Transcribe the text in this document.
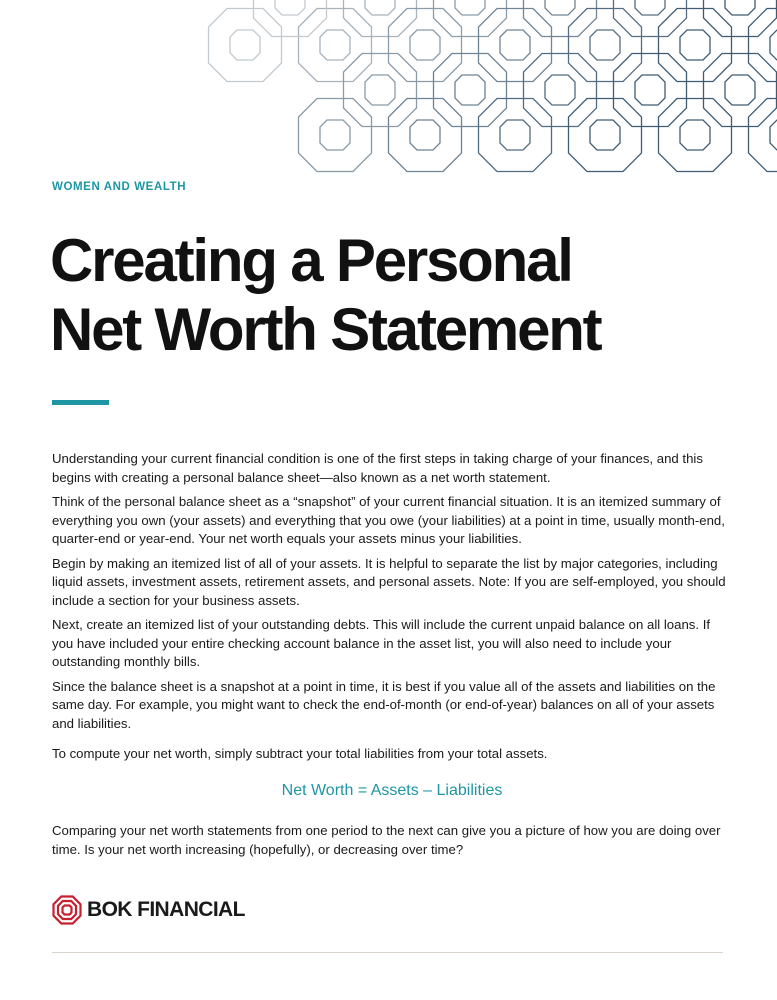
WOMEN AND WEALTH
Creating a Personal
Net Worth Statement

Understanding your current financial condition is one of the first steps in taking charge of your finances, and this begins with creating a personal balance sheet—also known as a net worth statement.

Think of the personal balance sheet as a “snapshot” of your current financial situation. It is an itemized summary of everything you own (your assets) and everything that you owe (your liabilities) at a point in time, usually month-end, quarter-end or year-end. Your net worth equals your assets minus your liabilities.

Begin by making an itemized list of all of your assets. It is helpful to separate the list by major categories, including liquid assets, investment assets, retirement assets, and personal assets. Note: If you are self-employed, you should include a section for your business assets.

Next, create an itemized list of your outstanding debts. This will include the current unpaid balance on all loans. If you have included your entire checking account balance in the asset list, you will also need to include your outstanding monthly bills.

Since the balance sheet is a snapshot at a point in time, it is best if you value all of the assets and liabilities on the same day. For example, you might want to check the end-of-month (or end-of-year) balances on all of your assets and liabilities.

To compute your net worth, simply subtract your total liabilities from your total assets.

Net Worth = Assets – Liabilities

Comparing your net worth statements from one period to the next can give you a picture of how you are doing over time. Is your net worth increasing (hopefully), or decreasing over time?

BOK FINANCIAL
